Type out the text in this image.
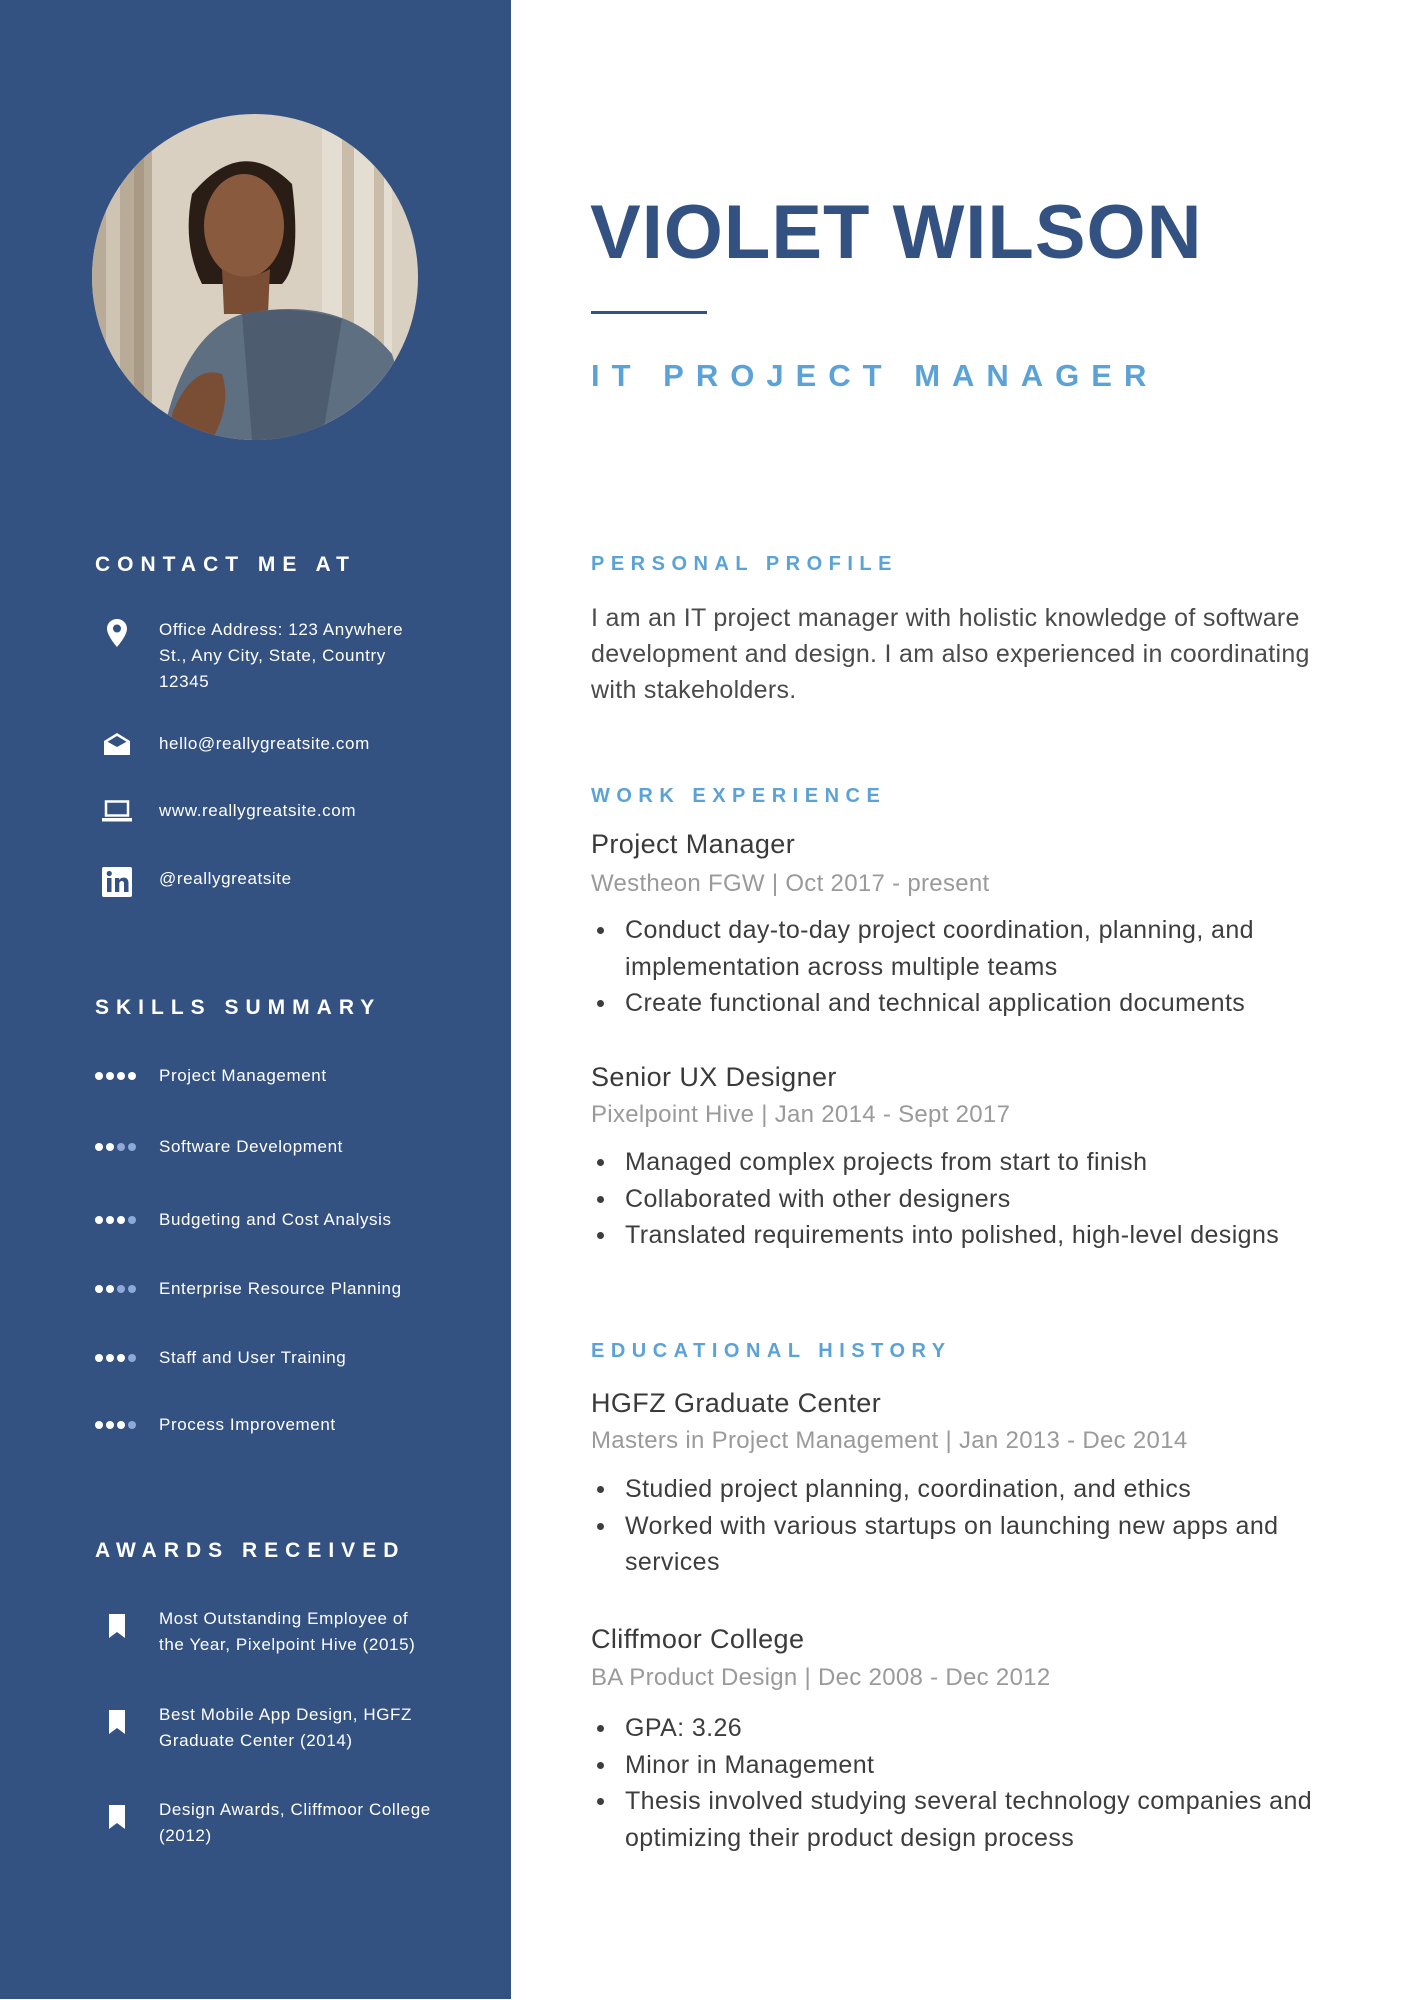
CONTACT ME AT
Office Address: 123 Anywhere St., Any City, State, Country 12345
hello@reallygreatsite.com
www.reallygreatsite.com
@reallygreatsite
SKILLS SUMMARY
Project Management
Software Development
Budgeting and Cost Analysis
Enterprise Resource Planning
Staff and User Training
Process Improvement
AWARDS RECEIVED
Most Outstanding Employee of the Year, Pixelpoint Hive (2015)
Best Mobile App Design, HGFZ Graduate Center (2014)
Design Awards, Cliffmoor College (2012)
VIOLET WILSON
IT PROJECT MANAGER
PERSONAL PROFILE
I am an IT project manager with holistic knowledge of software development and design. I am also experienced in coordinating with stakeholders.
WORK EXPERIENCE
Project Manager
Westheon FGW | Oct 2017 - present
Conduct day-to-day project coordination, planning, and implementation across multiple teams
Create functional and technical application documents
Senior UX Designer
Pixelpoint Hive | Jan 2014 - Sept 2017
Managed complex projects from start to finish
Collaborated with other designers
Translated requirements into polished, high-level designs
EDUCATIONAL HISTORY
HGFZ Graduate Center
Masters in Project Management | Jan 2013 - Dec 2014
Studied project planning, coordination, and ethics
Worked with various startups on launching new apps and services
Cliffmoor College
BA Product Design | Dec 2008 - Dec 2012
GPA: 3.26
Minor in Management
Thesis involved studying several technology companies and optimizing their product design process
